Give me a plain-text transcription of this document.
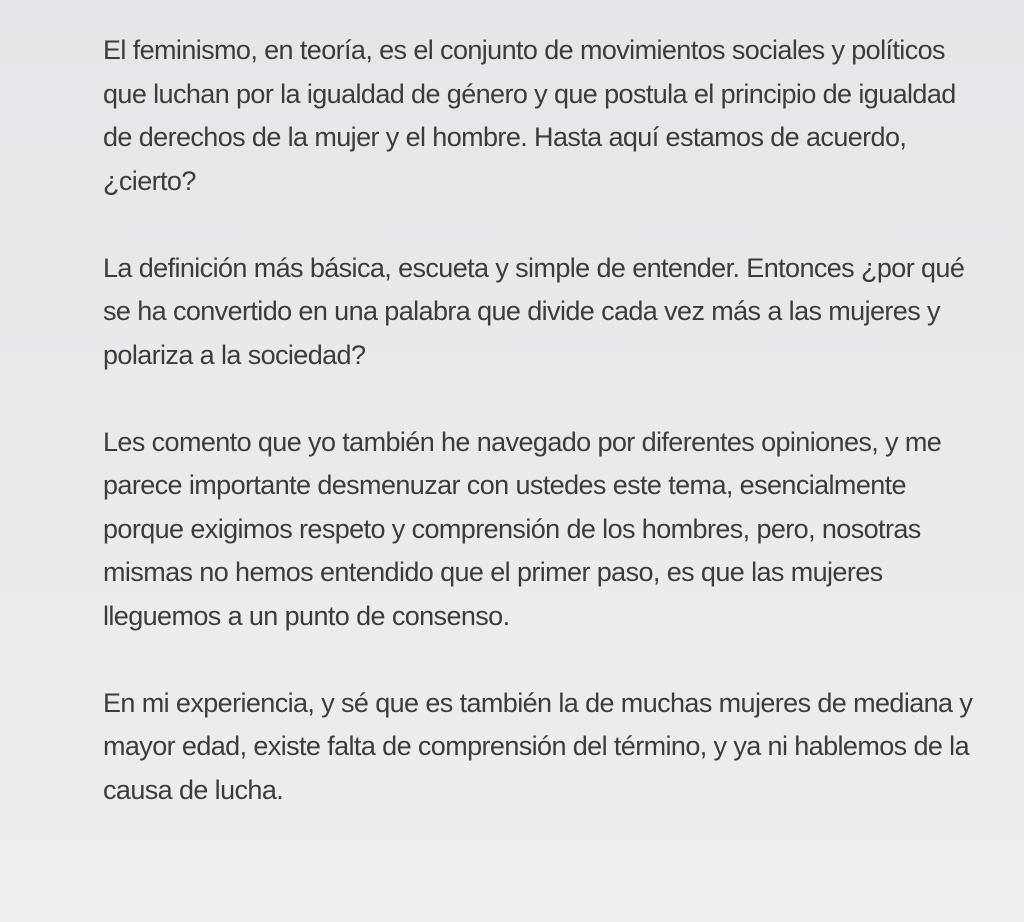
El feminismo, en teoría, es el conjunto de movimientos sociales y políticos que luchan por la igualdad de género y que postula el principio de igualdad de derechos de la mujer y el hombre. Hasta aquí estamos de acuerdo, ¿cierto?

La definición más básica, escueta y simple de entender. Entonces ¿por qué se ha convertido en una palabra que divide cada vez más a las mujeres y polariza a la sociedad?

Les comento que yo también he navegado por diferentes opiniones, y me parece importante desmenuzar con ustedes este tema, esencialmente porque exigimos respeto y comprensión de los hombres, pero, nosotras mismas no hemos entendido que el primer paso, es que las mujeres lleguemos a un punto de consenso.

En mi experiencia, y sé que es también la de muchas mujeres de mediana y mayor edad, existe falta de comprensión del término, y ya ni hablemos de la causa de lucha.
